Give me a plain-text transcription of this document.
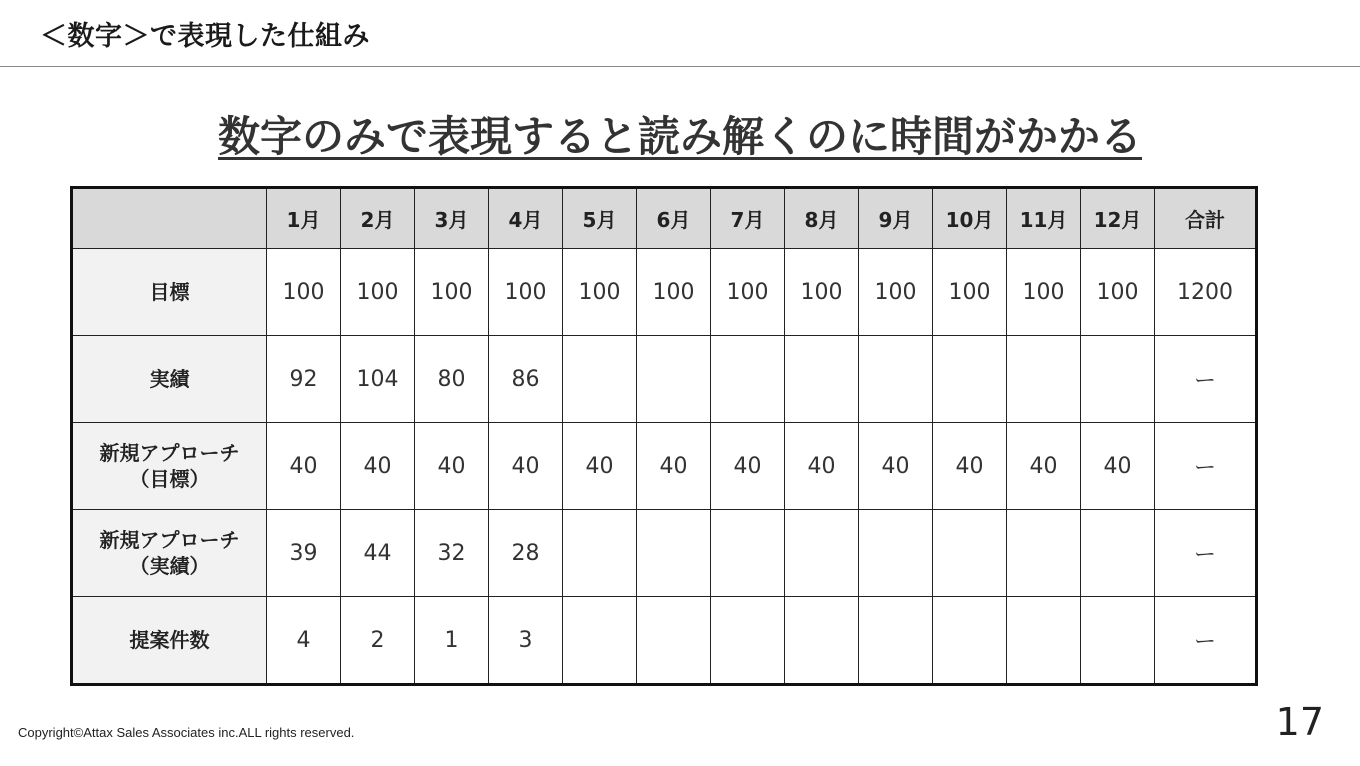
＜数字＞で表現した仕組み
数字のみで表現すると読み解くのに時間がかかる
	1月	2月	3月	4月	5月	6月	7月	8月	9月	10月	11月	12月	合計

目標	100	100	100	100	100	100	100	100	100	100	100	100	1200

実績	92	104	80	86									ー

新規アプローチ
（目標）	40	40	40	40	40	40	40	40	40	40	40	40	ー

新規アプローチ
（実績）	39	44	32	28									ー

提案件数	4	2	1	3									ー
Copyright©Attax Sales Associates inc.ALL rights reserved.	17
